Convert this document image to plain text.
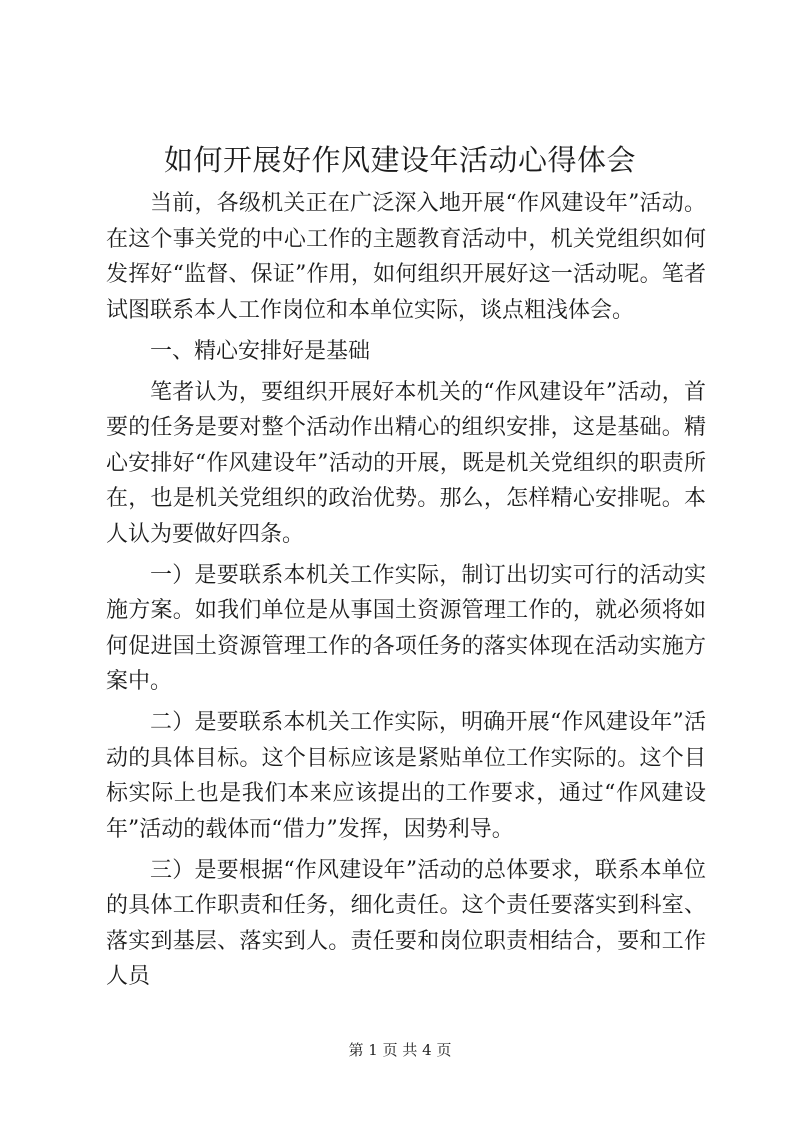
如何开展好作风建设年活动心得体会

当前，各级机关正在广泛深入地开展“作风建设年”活动。在这个事关党的中心工作的主题教育活动中，机关党组织如何发挥好“监督、保证”作用，如何组织开展好这一活动呢。笔者试图联系本人工作岗位和本单位实际，谈点粗浅体会。

一、精心安排好是基础

笔者认为，要组织开展好本机关的“作风建设年”活动，首要的任务是要对整个活动作出精心的组织安排，这是基础。精心安排好“作风建设年”活动的开展，既是机关党组织的职责所在，也是机关党组织的政治优势。那么，怎样精心安排呢。本人认为要做好四条。

一）是要联系本机关工作实际，制订出切实可行的活动实施方案。如我们单位是从事国土资源管理工作的，就必须将如何促进国土资源管理工作的各项任务的落实体现在活动实施方案中。

二）是要联系本机关工作实际，明确开展“作风建设年”活动的具体目标。这个目标应该是紧贴单位工作实际的。这个目标实际上也是我们本来应该提出的工作要求，通过“作风建设年”活动的载体而“借力”发挥，因势利导。

三）是要根据“作风建设年”活动的总体要求，联系本单位的具体工作职责和任务，细化责任。这个责任要落实到科室、落实到基层、落实到人。责任要和岗位职责相结合，要和工作人员

第 1 页 共 4 页
